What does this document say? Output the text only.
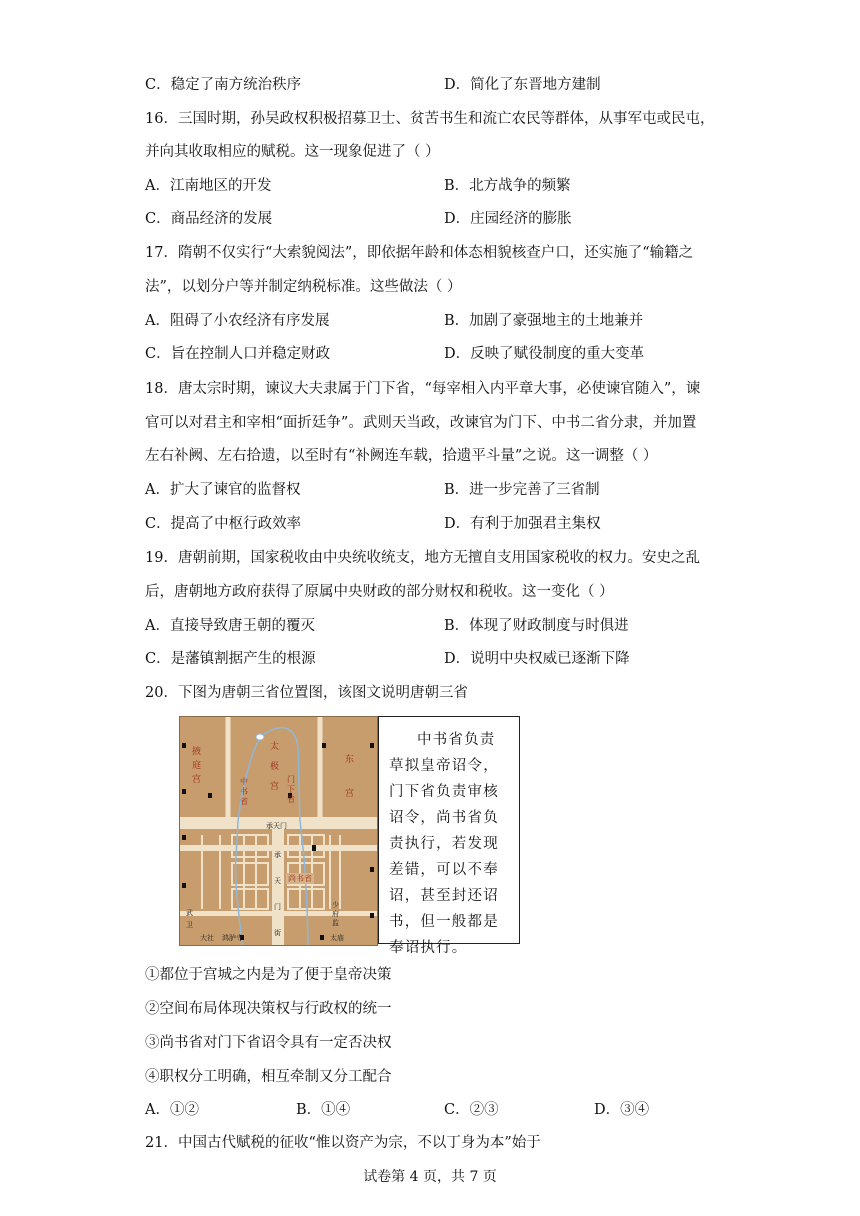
C．稳定了南方统治秩序	D．简化了东晋地方建制
16．三国时期，孙吴政权积极招募卫士、贫苦书生和流亡农民等群体，从事军屯或民屯，
并向其收取相应的赋税。这一现象促进了（ ）
A．江南地区的开发	B．北方战争的频繁
C．商品经济的发展	D．庄园经济的膨胀
17．隋朝不仅实行“大索貌阅法”，即依据年龄和体态相貌核查户口，还实施了“输籍之
法”，以划分户等并制定纳税标准。这些做法（ ）
A．阻碍了小农经济有序发展	B．加剧了豪强地主的土地兼并
C．旨在控制人口并稳定财政	D．反映了赋役制度的重大变革
18．唐太宗时期，谏议大夫隶属于门下省，“每宰相入内平章大事，必使谏官随入”，谏
官可以对君主和宰相“面折廷争”。武则天当政，改谏官为门下、中书二省分隶，并加置
左右补阙、左右拾遗，以至时有“补阙连车载，拾遗平斗量”之说。这一调整（ ）
A．扩大了谏官的监督权	B．进一步完善了三省制
C．提高了中枢行政效率	D．有利于加强君主集权
19．唐朝前期，国家税收由中央统收统支，地方无擅自支用国家税收的权力。安史之乱
后，唐朝地方政府获得了原属中央财政的部分财权和税收。这一变化（ ）
A．直接导致唐王朝的覆灭	B．体现了财政制度与时俱进
C．是藩镇割据产生的根源	D．说明中央权威已逐渐下降
20．下图为唐朝三省位置图，该图文说明唐朝三省
掖庭宫
太极宫
东宫
中书省
门下省
承天门
承天门街
尚书省
武卫
少府监
大社 鸿胪寺	太庙
中书省负责
草拟皇帝诏令，
门下省负责审核
诏令，尚书省负
责执行，若发现
差错，可以不奉
诏，甚至封还诏
书，但一般都是
奉诏执行。
①都位于宫城之内是为了便于皇帝决策
②空间布局体现决策权与行政权的统一
③尚书省对门下省诏令具有一定否决权
④职权分工明确，相互牵制又分工配合
A．①②	B．①④	C．②③	D．③④
21．中国古代赋税的征收“惟以资产为宗，不以丁身为本”始于
试卷第 4 页，共 7 页
